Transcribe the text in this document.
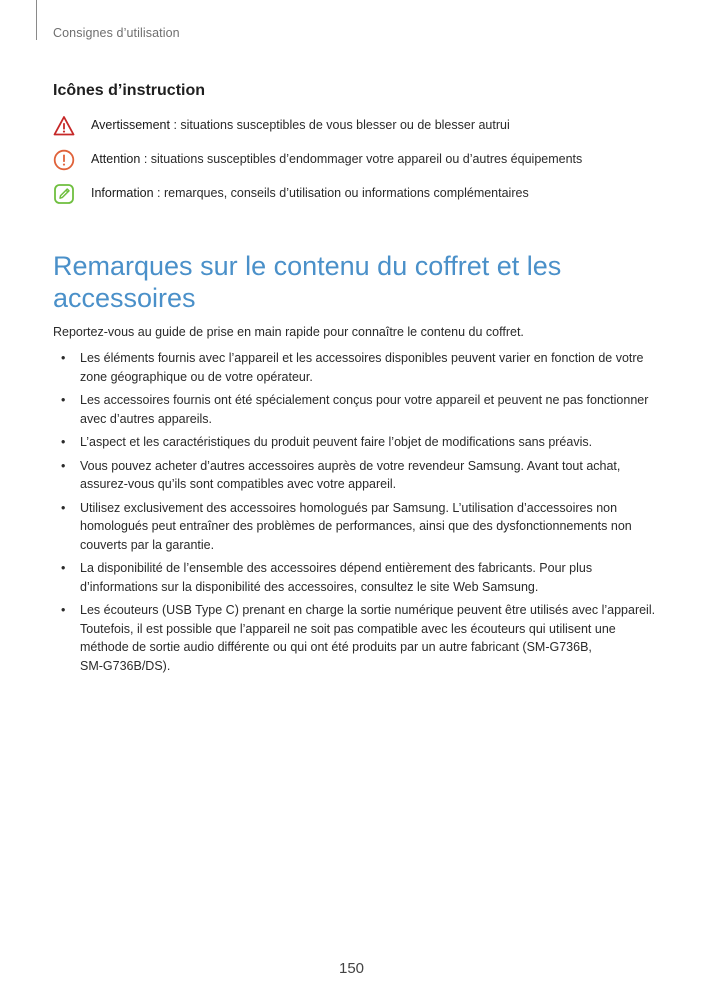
Consignes d’utilisation
Icônes d’instruction
Avertissement : situations susceptibles de vous blesser ou de blesser autrui
Attention : situations susceptibles d’endommager votre appareil ou d’autres équipements
Information : remarques, conseils d’utilisation ou informations complémentaires
Remarques sur le contenu du coffret et les
accessoires
Reportez-vous au guide de prise en main rapide pour connaître le contenu du coffret.
• Les éléments fournis avec l’appareil et les accessoires disponibles peuvent varier en fonction de votre
zone géographique ou de votre opérateur.
• Les accessoires fournis ont été spécialement conçus pour votre appareil et peuvent ne pas fonctionner
avec d’autres appareils.
• L’aspect et les caractéristiques du produit peuvent faire l’objet de modifications sans préavis.
• Vous pouvez acheter d’autres accessoires auprès de votre revendeur Samsung. Avant tout achat,
assurez-vous qu’ils sont compatibles avec votre appareil.
• Utilisez exclusivement des accessoires homologués par Samsung. L’utilisation d’accessoires non
homologués peut entraîner des problèmes de performances, ainsi que des dysfonctionnements non
couverts par la garantie.
• La disponibilité de l’ensemble des accessoires dépend entièrement des fabricants. Pour plus
d’informations sur la disponibilité des accessoires, consultez le site Web Samsung.
• Les écouteurs (USB Type C) prenant en charge la sortie numérique peuvent être utilisés avec l’appareil.
Toutefois, il est possible que l’appareil ne soit pas compatible avec les écouteurs qui utilisent une
méthode de sortie audio différente ou qui ont été produits par un autre fabricant (SM-G736B,
SM-G736B/DS).
150
